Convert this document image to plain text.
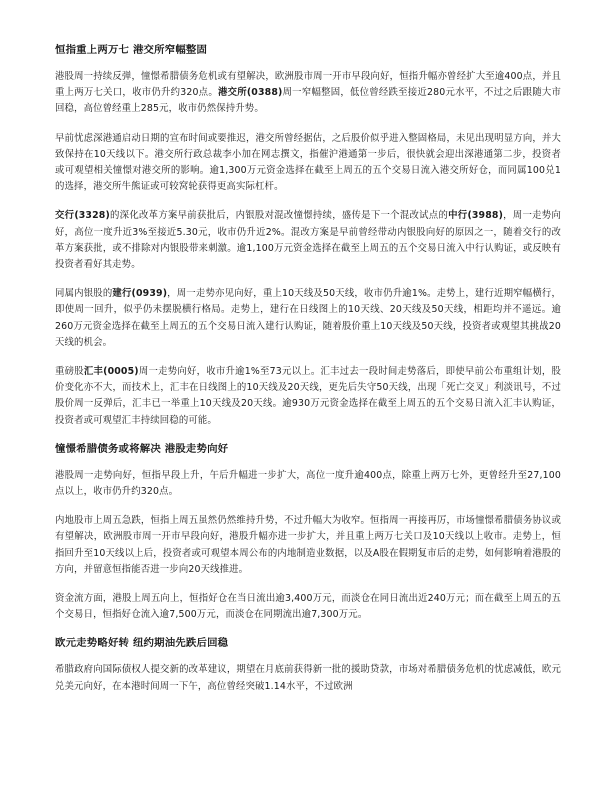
恒指重上两万七 港交所窄幅整固

港股周一持续反弹，憧憬希腊债务危机或有望解决，欧洲股市周一开市早段向好，恒指升幅亦曾经扩大至逾400点，并且重上两万七关口，收市仍升约320点。港交所(0388)周一窄幅整固，低位曾经跌至接近280元水平，不过之后跟随大市回稳，高位曾经重上285元，收市仍然保持升势。

早前忧虑深港通启动日期的宣布时间或要推迟，港交所曾经据估，之后股价似乎进入整固格局，未见出现明显方向，并大致保持在10天线以下。港交所行政总裁李小加在网志撰文，指催沪港通第一步后，很快就会迎出深港通第二步，投资者或可观望相关憧憬对港交所的影响。逾1,300万元资金选择在截至上周五的五个交易日流入港交所好仓，而同属100兑1的选择，港交所牛熊证或可较窝轮获得更高实际杠杆。

交行(3328)的深化改革方案早前获批后，内银股对混改憧憬持续，盛传是下一个混改试点的中行(3988)，周一走势向好，高位一度升近3%至接近5.30元，收市仍升近2%。混改方案是早前曾经带动内银股向好的原因之一，随着交行的改革方案获批，或不排除对内银股带来刺激。逾1,100万元资金选择在截至上周五的五个交易日流入中行认购证，或反映有投资者看好其走势。

同属内银股的建行(0939)，周一走势亦见向好，重上10天线及50天线，收市仍升逾1%。走势上，建行近期窄幅横行，即使周一回升，似乎仍未摆脱横行格局。走势上，建行在日线图上的10天线、20天线及50天线，相距均并不遥远。逾260万元资金选择在截至上周五的五个交易日流入建行认购证，随着股价重上10天线及50天线，投资者或观望其挑战20天线的机会。

重磅股汇丰(0005)周一走势向好，收市升逾1%至73元以上。汇丰过去一段时间走势落后，即使早前公布重组计划，股价变化亦不大，而技术上，汇丰在日线图上的10天线及20天线，更先后失守50天线，出现「死亡交叉」利淡讯号，不过股价周一反弹后，汇丰已一举重上10天线及20天线。逾930万元资金选择在截至上周五的五个交易日流入汇丰认购证，投资者或可观望汇丰持续回稳的可能。

憧憬希腊债务或将解决 港股走势向好

港股周一走势向好，恒指早段上升，午后升幅进一步扩大，高位一度升逾400点，除重上两万七外，更曾经升至27,100点以上，收市仍升约320点。

内地股市上周五急跌，恒指上周五虽然仍然维持升势，不过升幅大为收窄。恒指周一再接再厉，市场憧憬希腊债务协议或有望解决，欧洲股市周一开市早段向好，港股升幅亦进一步扩大，并且重上两万七关口及10天线以上收市。走势上，恒指回升至10天线以上后，投资者或可观望本周公布的内地制造业数据，以及A股在假期复市后的走势，如何影响着港股的方向，并留意恒指能否进一步向20天线推进。

资金流方面，港股上周五向上，恒指好仓在当日流出逾3,400万元，而淡仓在同日流出近240万元；而在截至上周五的五个交易日，恒指好仓流入逾7,500万元，而淡仓在同期流出逾7,300万元。

欧元走势略好转 纽约期油先跌后回稳

希腊政府向国际债权人提交新的改革建议，期望在月底前获得新一批的援助贷款，市场对希腊债务危机的忧虑减低，欧元兑美元向好，在本港时间周一下午，高位曾经突破1.14水平，不过欧洲
